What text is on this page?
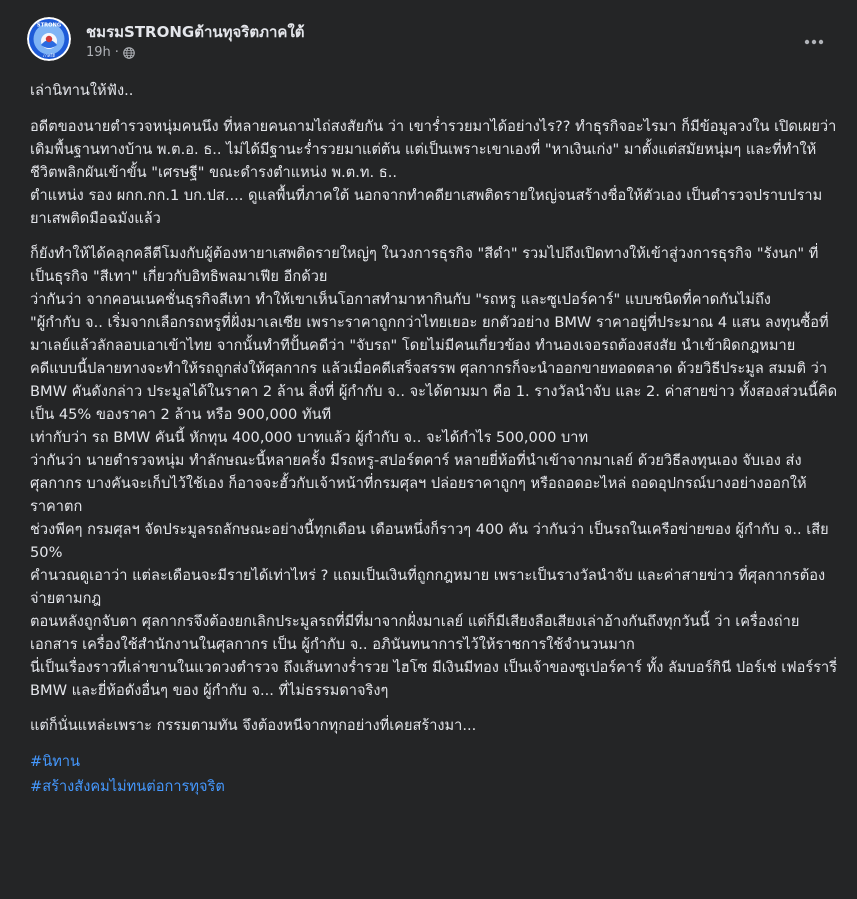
STRONG
ภาคใต้
ชมรมSTRONGต้านทุจริตภาคใต้
19h ·

เล่านิทานให้ฟัง..

อดีตของนายตำรวจหนุ่มคนนึง ที่หลายคนถามไถ่สงสัยกัน ว่า เขาร่ำรวยมาได้อย่างไร?? ทำธุรกิจอะไรมา ก็มีข้อมูลวงใน เปิดเผยว่า เดิมพื้นฐานทางบ้าน พ.ต.อ. ธ.. ไม่ได้มีฐานะร่ำรวยมาแต่ต้น แต่เป็นเพราะเขาเองที่ "หาเงินเก่ง" มาตั้งแต่สมัยหนุ่มๆ และที่ทำให้ชีวิตพลิกผันเข้าขั้น "เศรษฐี" ขณะดำรงตำแหน่ง พ.ต.ท. ธ..
ตำแหน่ง รอง ผกก.กก.1 บก.ปส.... ดูแลพื้นที่ภาคใต้ นอกจากทำคดียาเสพติดรายใหญ่จนสร้างชื่อให้ตัวเอง เป็นตำรวจปราบปรามยาเสพติดมือฉมังแล้ว

ก็ยังทำให้ได้คลุกคลีตีโมงกับผู้ต้องหายาเสพติดรายใหญ่ๆ ในวงการธุรกิจ "สีดำ" รวมไปถึงเปิดทางให้เข้าสู่วงการธุรกิจ "รังนก" ที่เป็นธุรกิจ "สีเทา" เกี่ยวกับอิทธิพลมาเฟีย อีกด้วย
ว่ากันว่า จากคอนเนคชั่นธุรกิจสีเทา ทำให้เขาเห็นโอกาสทำมาหากินกับ "รถหรู และซูเปอร์คาร์" แบบชนิดที่คาดกันไม่ถึง
"ผู้กำกับ จ.. เริ่มจากเลือกรถหรูที่ฝั่งมาเลเซีย เพราะราคาถูกกว่าไทยเยอะ ยกตัวอย่าง BMW ราคาอยู่ที่ประมาณ 4 แสน ลงทุนซื้อที่มาเลย์แล้วลักลอบเอาเข้าไทย จากนั้นทำทีปั้นคดีว่า "จับรถ" โดยไม่มีคนเกี่ยวข้อง ทำนองเจอรถต้องสงสัย นำเข้าผิดกฎหมาย
คดีแบบนี้ปลายทางจะทำให้รถถูกส่งให้ศุลกากร แล้วเมื่อคดีเสร็จสรรพ ศุลกากรก็จะนำออกขายทอดตลาด ด้วยวิธีประมูล สมมติ ว่า BMW คันดังกล่าว ประมูลได้ในราคา 2 ล้าน สิ่งที่ ผู้กำกับ จ.. จะได้ตามมา คือ 1. รางวัลนำจับ และ 2. ค่าสายข่าว ทั้งสองส่วนนี้คิดเป็น 45% ของราคา 2 ล้าน หรือ 900,000 ทันที
เท่ากับว่า รถ BMW คันนี้ หักทุน 400,000 บาทแล้ว ผู้กำกับ จ.. จะได้กำไร 500,000 บาท
ว่ากันว่า นายตำรวจหนุ่ม ทำลักษณะนี้หลายครั้ง มีรถหรู-สปอร์ตคาร์ หลายยี่ห้อที่นำเข้าจากมาเลย์ ด้วยวิธีลงทุนเอง จับเอง ส่งศุลกากร บางคันจะเก็บไว้ใช้เอง ก็อาจจะฮั้วกับเจ้าหน้าที่กรมศุลฯ ปล่อยราคาถูกๆ หรือถอดอะไหล่ ถอดอุปกรณ์บางอย่างออกให้ราคาตก
ช่วงพีคๆ กรมศุลฯ จัดประมูลรถลักษณะอย่างนี้ทุกเดือน เดือนหนึ่งก็ราวๆ 400 คัน ว่ากันว่า เป็นรถในเครือข่ายของ ผู้กำกับ จ.. เสีย 50%
คำนวณดูเอาว่า แต่ละเดือนจะมีรายได้เท่าไหร่ ? แถมเป็นเงินที่ถูกกฎหมาย เพราะเป็นรางวัลนำจับ และค่าสายข่าว ที่ศุลกากรต้องจ่ายตามกฎ
ตอนหลังถูกจับตา ศุลกากรจึงต้องยกเลิกประมูลรถที่มีที่มาจากฝั่งมาเลย์ แต่ก็มีเสียงลือเสียงเล่าอ้างกันถึงทุกวันนี้ ว่า เครื่องถ่ายเอกสาร เครื่องใช้สำนักงานในศุลกากร เป็น ผู้กำกับ จ.. อภินันทนาการไว้ให้ราชการใช้จำนวนมาก
นี่เป็นเรื่องราวที่เล่าขานในแวดวงตำรวจ ถึงเส้นทางร่ำรวย ไฮโซ มีเงินมีทอง เป็นเจ้าของซูเปอร์คาร์ ทั้ง ลัมบอร์กินี ปอร์เช่ เฟอร์รารี่ BMW และยี่ห้อดังอื่นๆ ของ ผู้กำกับ จ... ที่ไม่ธรรมดาจริงๆ

แต่ก็นั่นแหล่ะเพราะ กรรมตามทัน จึงต้องหนีจากทุกอย่างที่เคยสร้างมา...

#นิทาน
#สร้างสังคมไม่ทนต่อการทุจริต
